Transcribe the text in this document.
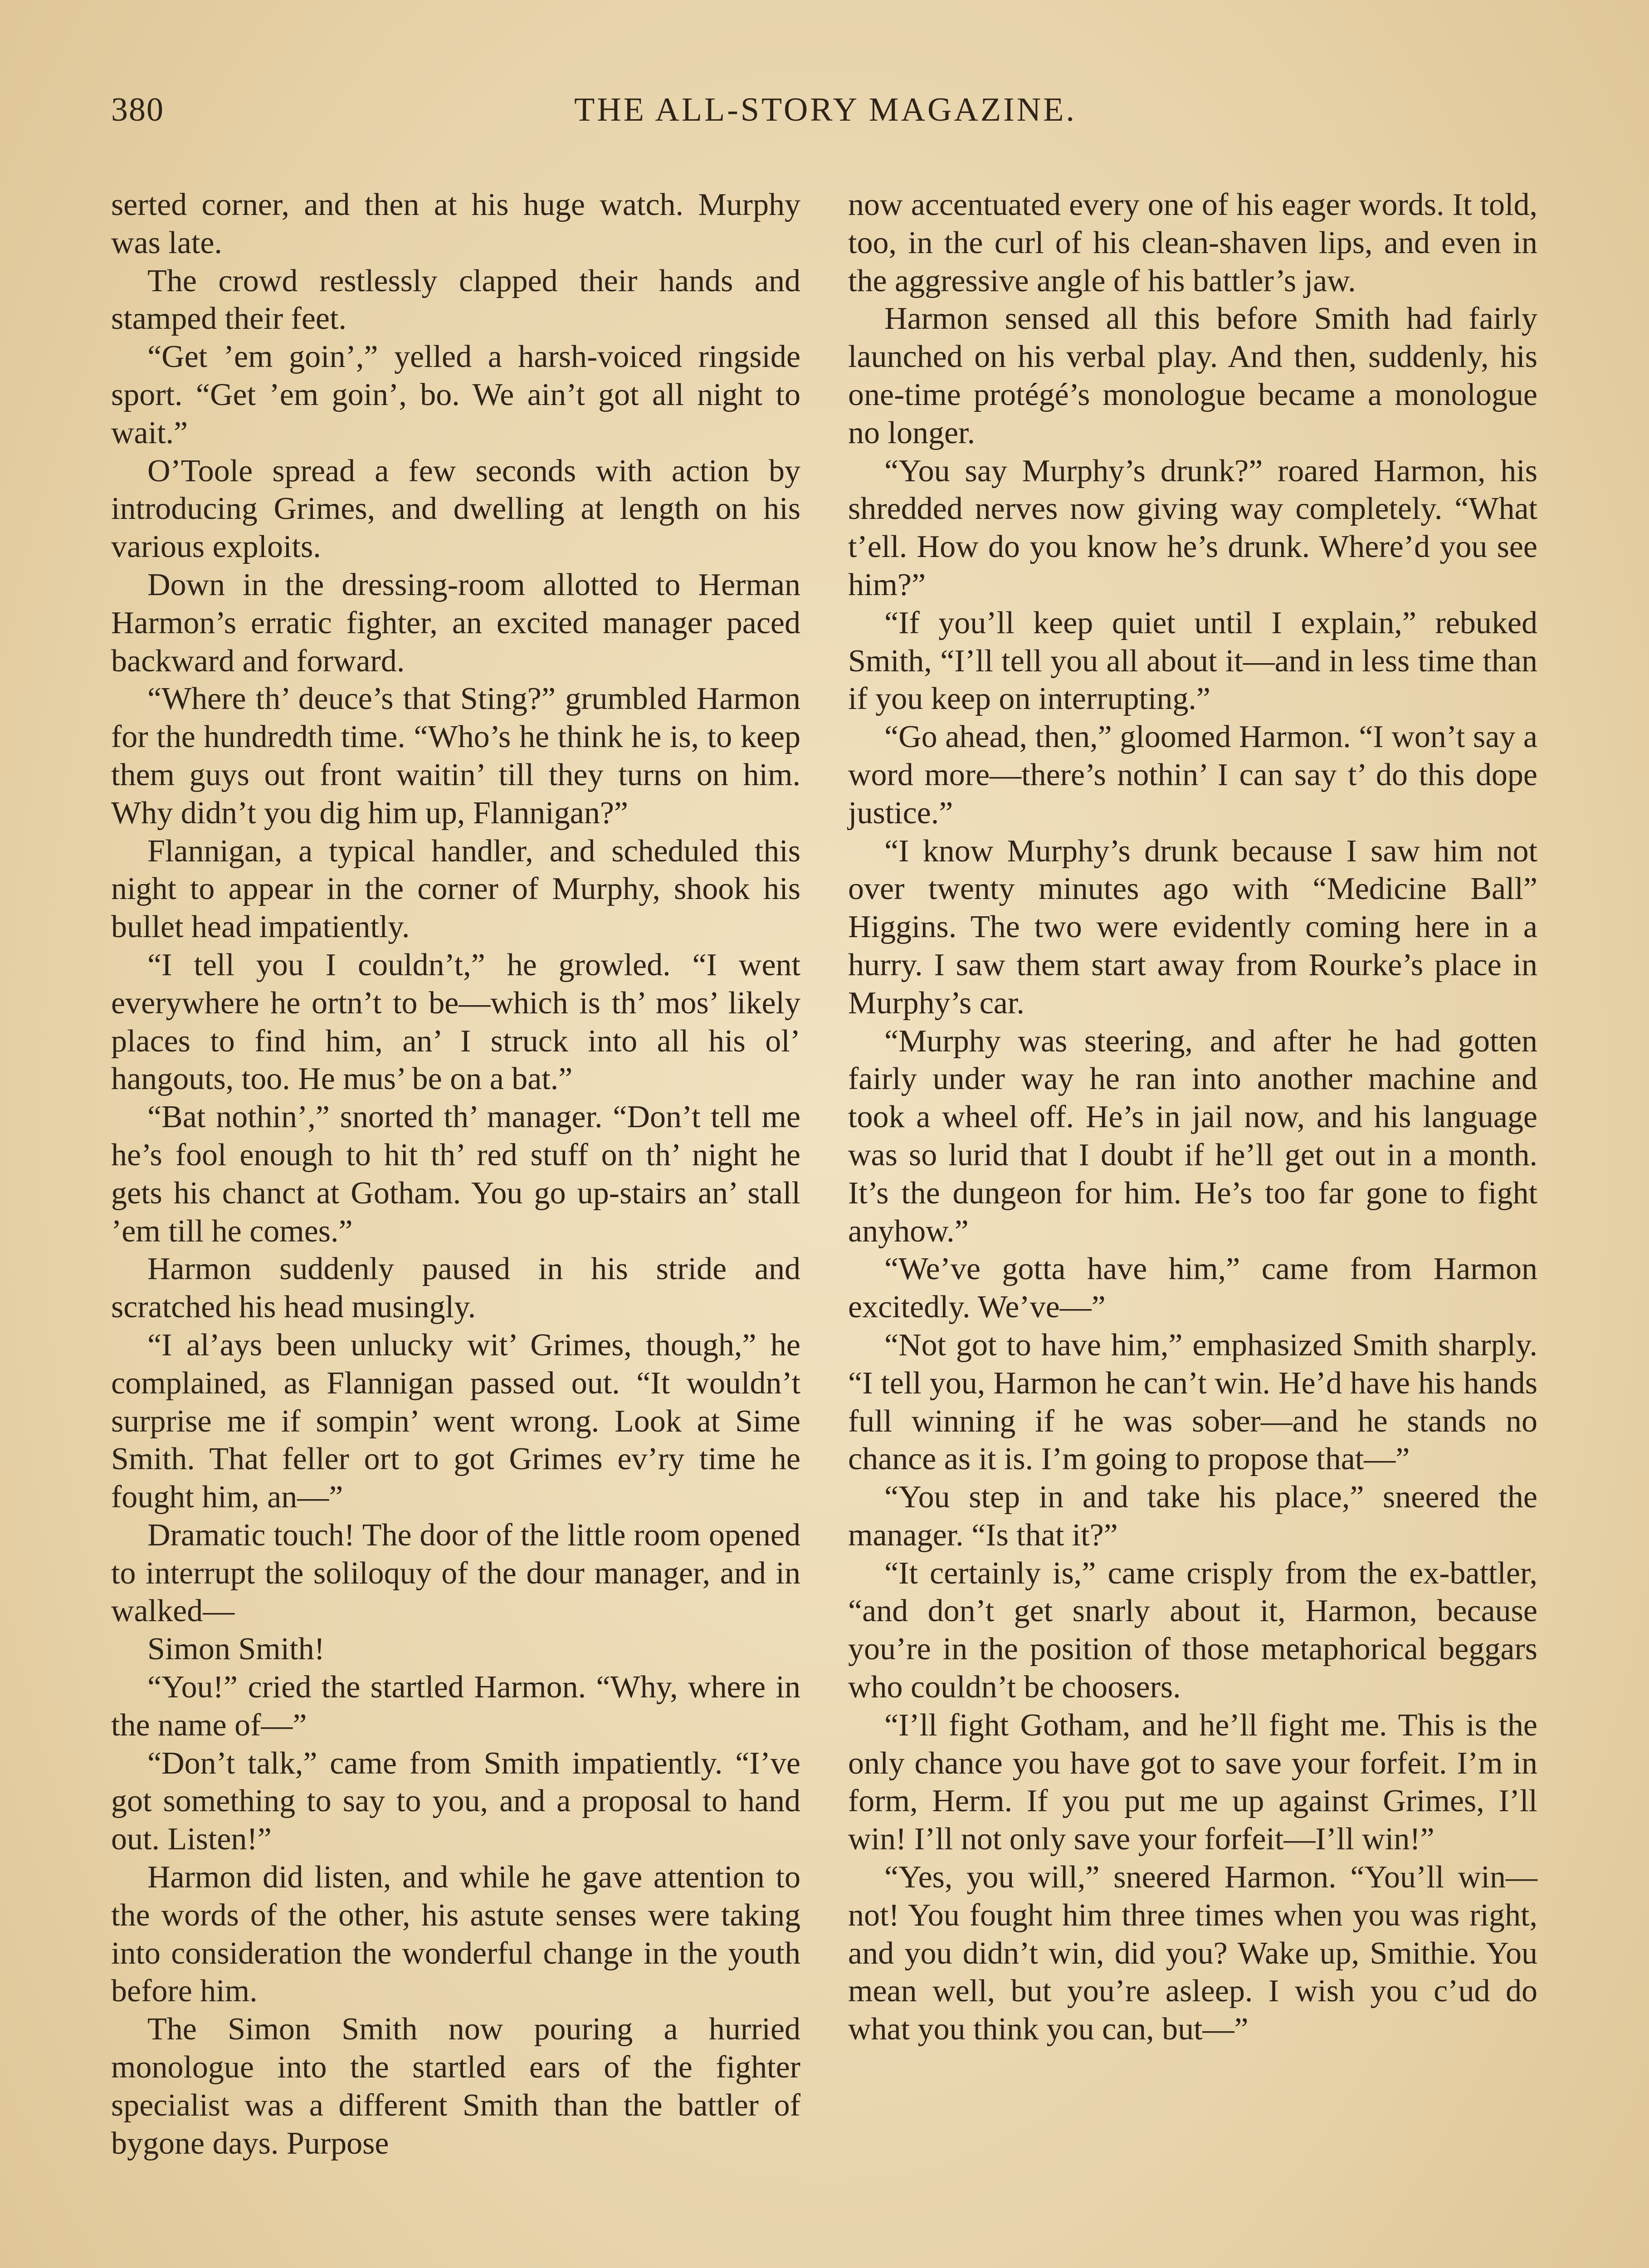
THE ALL-STORY MAGAZINE.
380

serted corner, and then at his huge watch. Murphy was late.

The crowd restlessly clapped their hands and stamped their feet.

“Get ’em goin’,” yelled a harsh-voiced ringside sport. “Get ’em goin’, bo. We ain’t got all night to wait.”

O’Toole spread a few seconds with action by introducing Grimes, and dwelling at length on his various exploits.

Down in the dressing-room allotted to Herman Harmon’s erratic fighter, an excited manager paced backward and forward.

“Where th’ deuce’s that Sting?” grumbled Harmon for the hundredth time. “Who’s he think he is, to keep them guys out front waitin’ till they turns on him. Why didn’t you dig him up, Flannigan?”

Flannigan, a typical handler, and scheduled this night to appear in the corner of Murphy, shook his bullet head impatiently.

“I tell you I couldn’t,” he growled. “I went everywhere he ortn’t to be—which is th’ mos’ likely places to find him, an’ I struck into all his ol’ hangouts, too. He mus’ be on a bat.”

“Bat nothin’,” snorted th’ manager. “Don’t tell me he’s fool enough to hit th’ red stuff on th’ night he gets his chanct at Gotham. You go up-stairs an’ stall ’em till he comes.”

Harmon suddenly paused in his stride and scratched his head musingly.

“I al’ays been unlucky wit’ Grimes, though,” he complained, as Flannigan passed out. “It wouldn’t surprise me if sompin’ went wrong. Look at Sime Smith. That feller ort to got Grimes ev’ry time he fought him, an—”

Dramatic touch! The door of the little room opened to interrupt the soliloquy of the dour manager, and in walked—

Simon Smith!

“You!” cried the startled Harmon. “Why, where in the name of—”

“Don’t talk,” came from Smith impatiently. “I’ve got something to say to you, and a proposal to hand out. Listen!”

Harmon did listen, and while he gave attention to the words of the other, his astute senses were taking into consideration the wonderful change in the youth before him.

The Simon Smith now pouring a hurried monologue into the startled ears of the fighter specialist was a different Smith than the battler of bygone days. Purpose

now accentuated every one of his eager words. It told, too, in the curl of his clean-shaven lips, and even in the aggressive angle of his battler’s jaw.

Harmon sensed all this before Smith had fairly launched on his verbal play. And then, suddenly, his one-time protégé’s monologue became a monologue no longer.

“You say Murphy’s drunk?” roared Harmon, his shredded nerves now giving way completely. “What t’ell. How do you know he’s drunk. Where’d you see him?”

“If you’ll keep quiet until I explain,” rebuked Smith, “I’ll tell you all about it—and in less time than if you keep on interrupting.”

“Go ahead, then,” gloomed Harmon. “I won’t say a word more—there’s nothin’ I can say t’ do this dope justice.”

“I know Murphy’s drunk because I saw him not over twenty minutes ago with “Medicine Ball” Higgins. The two were evidently coming here in a hurry. I saw them start away from Rourke’s place in Murphy’s car.

“Murphy was steering, and after he had gotten fairly under way he ran into another machine and took a wheel off. He’s in jail now, and his language was so lurid that I doubt if he’ll get out in a month. It’s the dungeon for him. He’s too far gone to fight anyhow.”

“We’ve gotta have him,” came from Harmon excitedly. We’ve—”

“Not got to have him,” emphasized Smith sharply. “I tell you, Harmon he can’t win. He’d have his hands full winning if he was sober—and he stands no chance as it is. I’m going to propose that—”

“You step in and take his place,” sneered the manager. “Is that it?”

“It certainly is,” came crisply from the ex-battler, “and don’t get snarly about it, Harmon, because you’re in the position of those metaphorical beggars who couldn’t be choosers.

“I’ll fight Gotham, and he’ll fight me. This is the only chance you have got to save your forfeit. I’m in form, Herm. If you put me up against Grimes, I’ll win! I’ll not only save your forfeit—I’ll win!”

“Yes, you will,” sneered Harmon. “You’ll win—not! You fought him three times when you was right, and you didn’t win, did you? Wake up, Smithie. You mean well, but you’re asleep. I wish you c’ud do what you think you can, but—”
